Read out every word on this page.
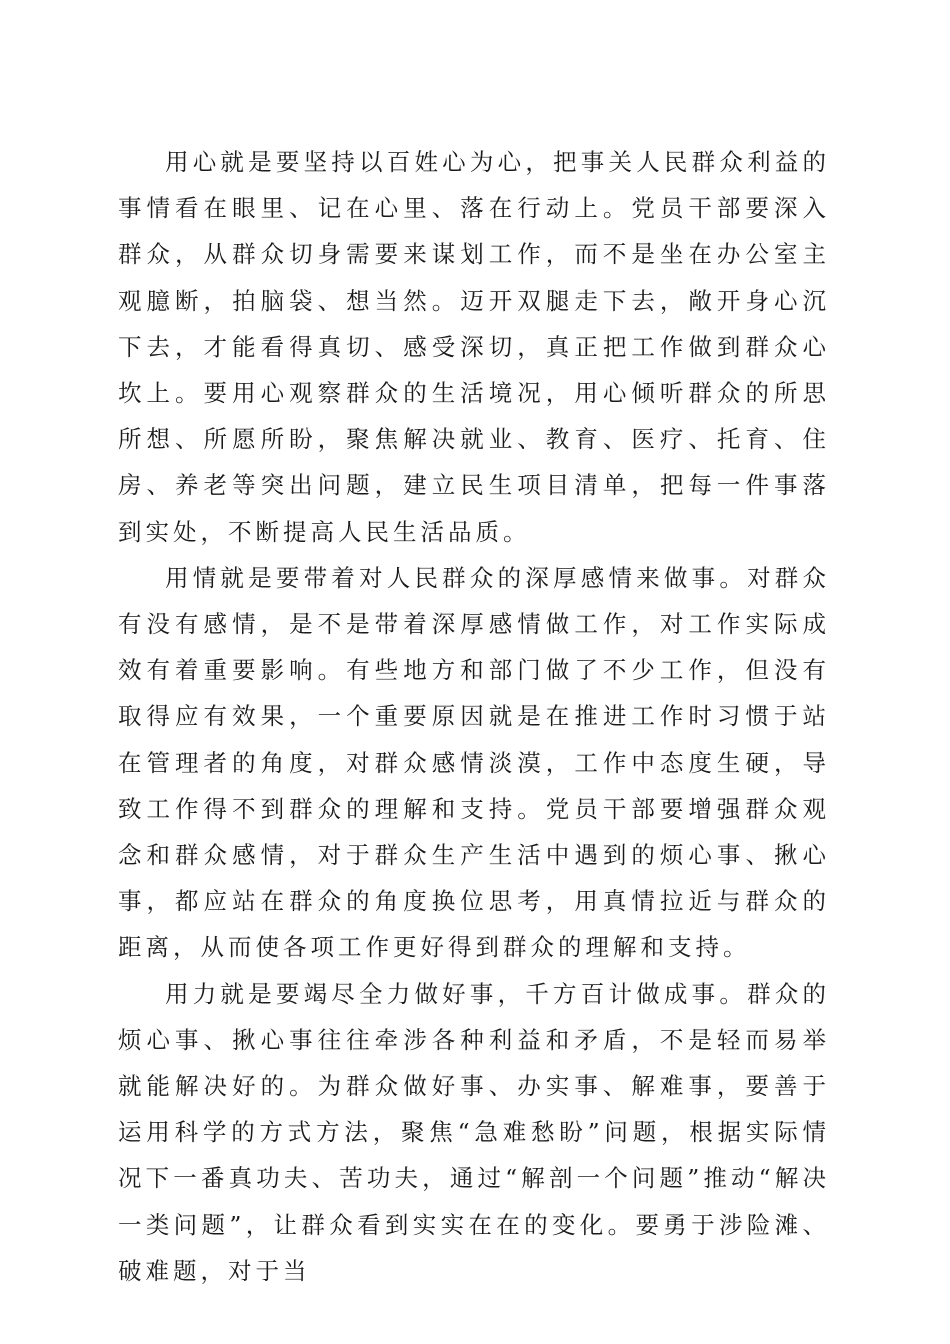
用心就是要坚持以百姓心为心，把事关人民群众利益的事情看在眼里、记在心里、落在行动上。党员干部要深入群众，从群众切身需要来谋划工作，而不是坐在办公室主观臆断，拍脑袋、想当然。迈开双腿走下去，敞开身心沉下去，才能看得真切、感受深切，真正把工作做到群众心坎上。要用心观察群众的生活境况，用心倾听群众的所思所想、所愿所盼，聚焦解决就业、教育、医疗、托育、住房、养老等突出问题，建立民生项目清单，把每一件事落到实处，不断提高人民生活品质。

用情就是要带着对人民群众的深厚感情来做事。对群众有没有感情，是不是带着深厚感情做工作，对工作实际成效有着重要影响。有些地方和部门做了不少工作，但没有取得应有效果，一个重要原因就是在推进工作时习惯于站在管理者的角度，对群众感情淡漠，工作中态度生硬，导致工作得不到群众的理解和支持。党员干部要增强群众观念和群众感情，对于群众生产生活中遇到的烦心事、揪心事，都应站在群众的角度换位思考，用真情拉近与群众的距离，从而使各项工作更好得到群众的理解和支持。

用力就是要竭尽全力做好事，千方百计做成事。群众的烦心事、揪心事往往牵涉各种利益和矛盾，不是轻而易举就能解决好的。为群众做好事、办实事、解难事，要善于运用科学的方式方法，聚焦“急难愁盼”问题，根据实际情况下一番真功夫、苦功夫，通过“解剖一个问题”推动“解决一类问题”，让群众看到实实在在的变化。要勇于涉险滩、破难题，对于当
